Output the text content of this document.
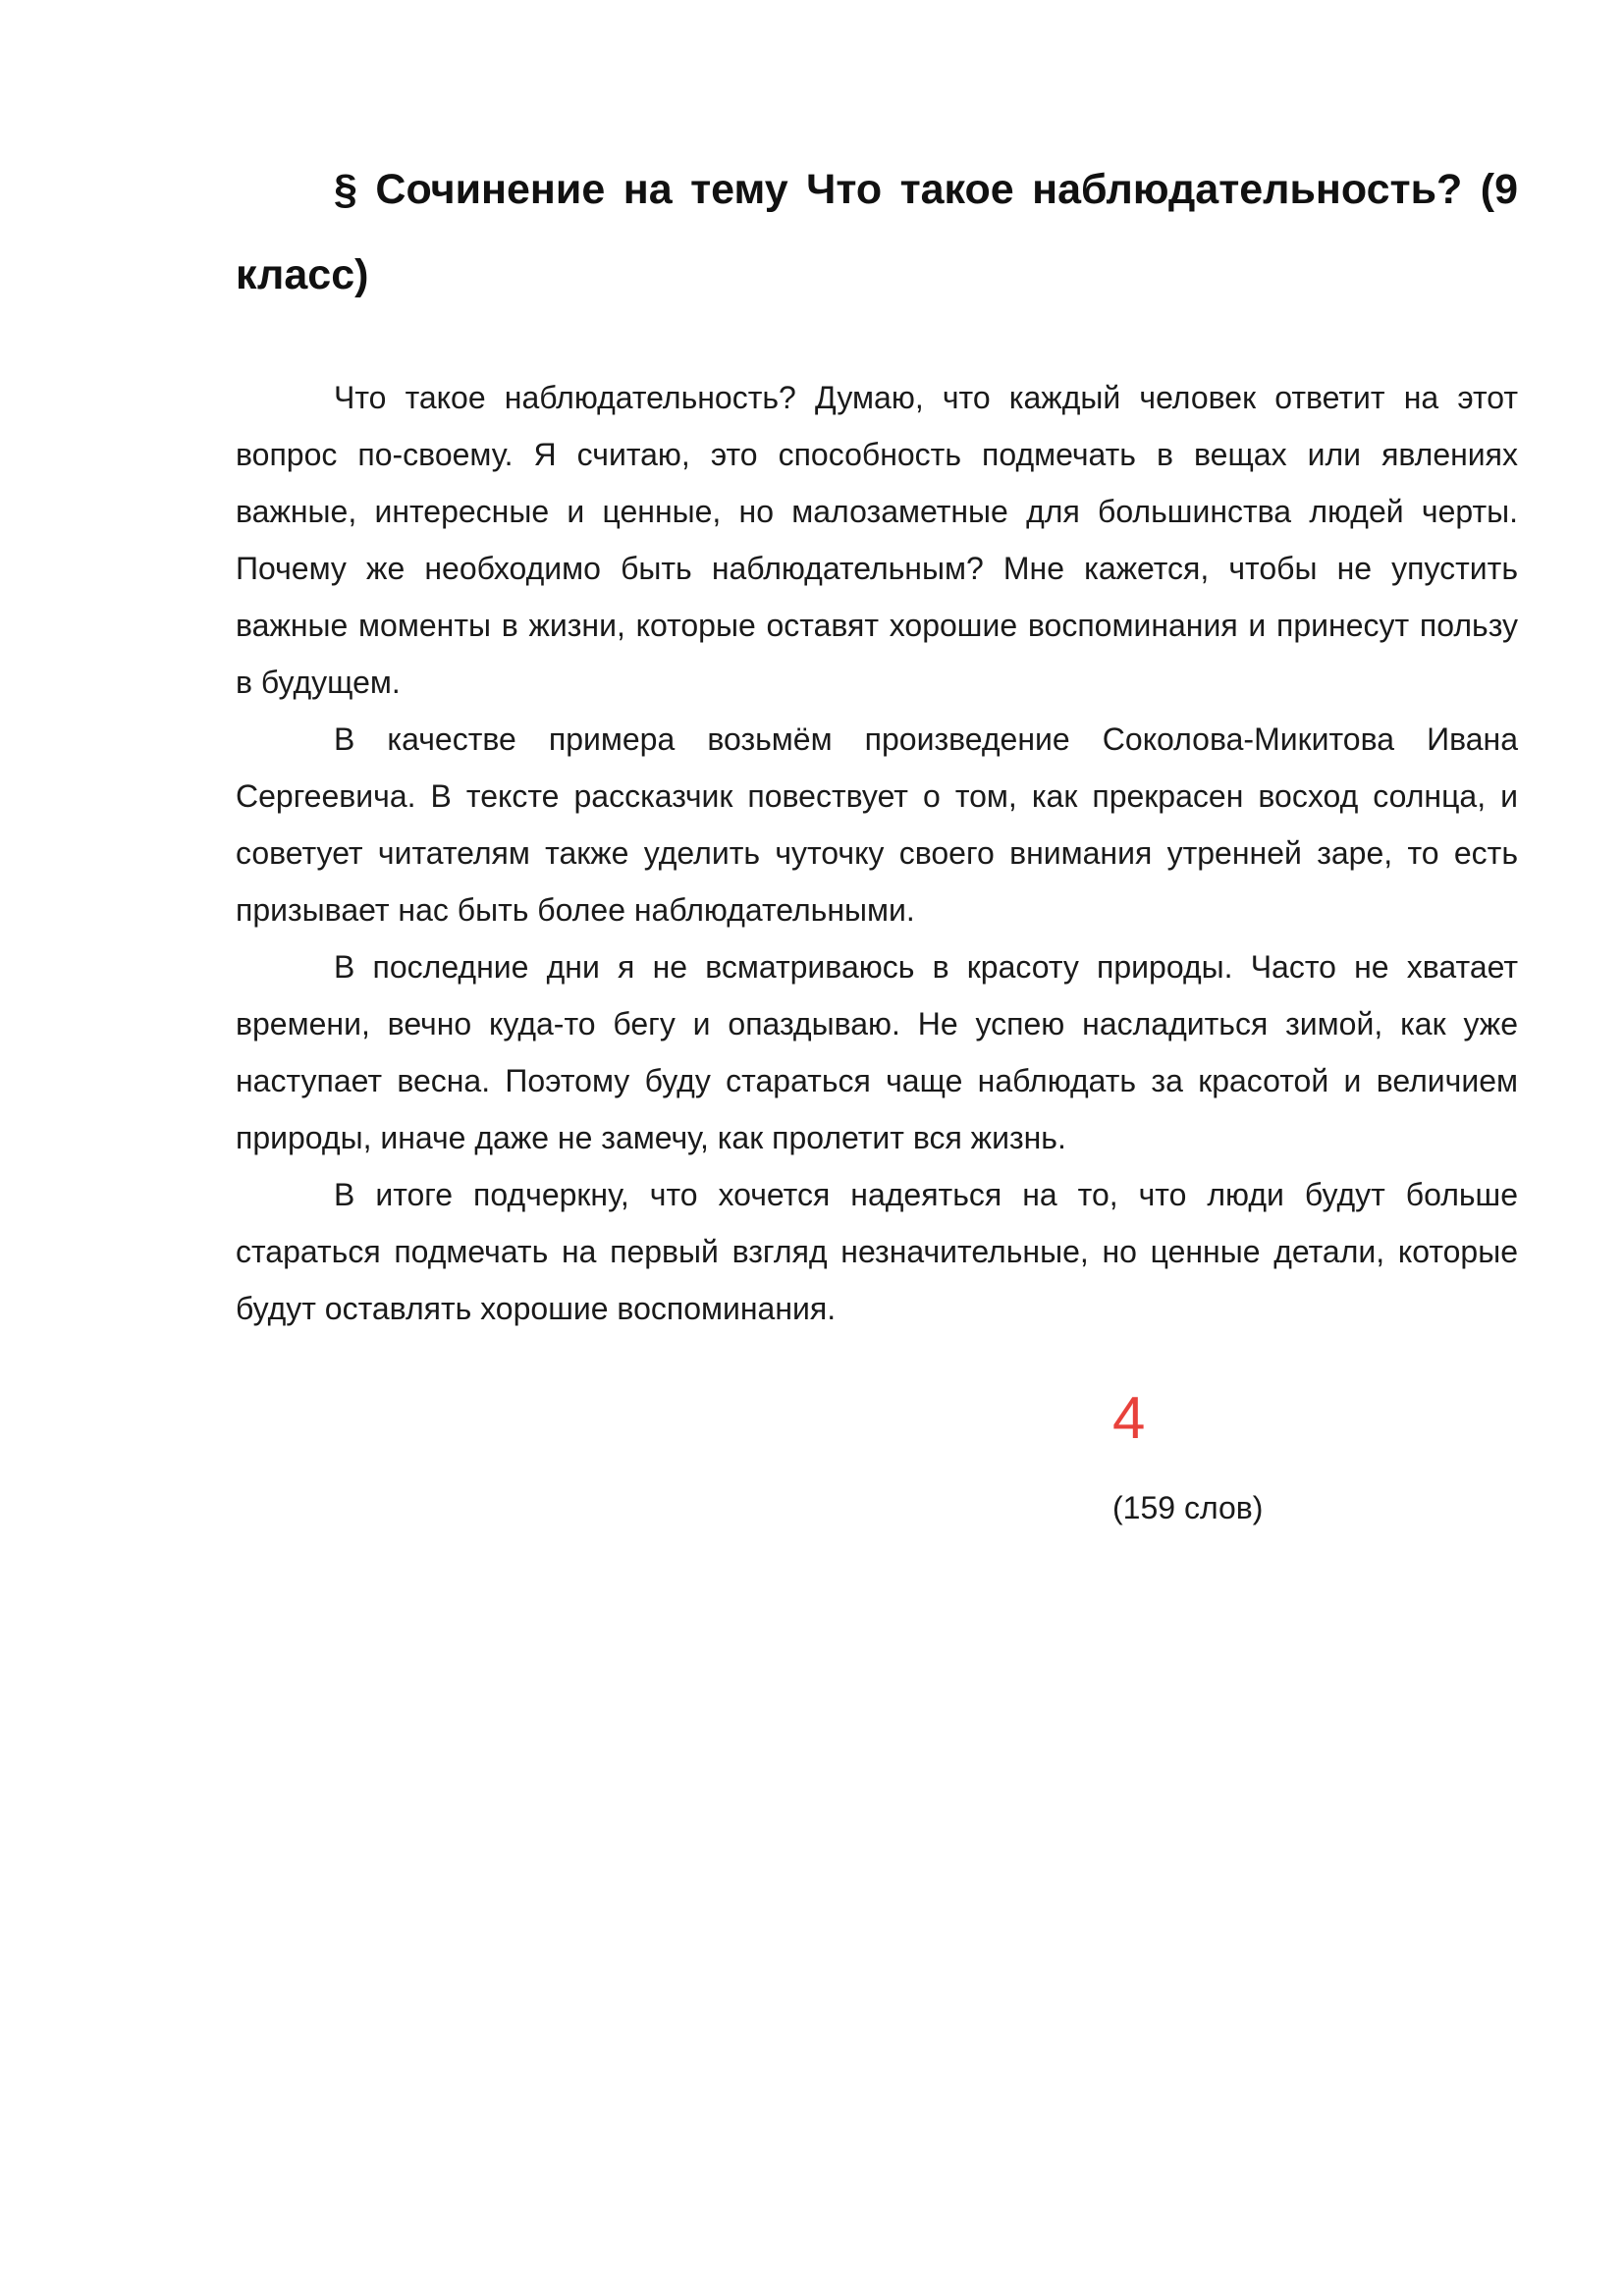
§ Сочинение на тему Что такое наблюдательность? (9 класс)

Что такое наблюдательность? Думаю, что каждый человек ответит на этот вопрос по-своему. Я считаю, это способность подмечать в вещах или явлениях важные, интересные и ценные, но малозаметные для большинства людей черты. Почему же необходимо быть наблюдательным? Мне кажется, чтобы не упустить важные моменты в жизни, которые оставят хорошие воспоминания и принесут пользу в будущем.

В качестве примера возьмём произведение Соколова-Микитова Ивана Сергеевича. В тексте рассказчик повествует о том, как прекрасен восход солнца, и советует читателям также уделить чуточку своего внимания утренней заре, то есть призывает нас быть более наблюдательными.

В последние дни я не всматриваюсь в красоту природы. Часто не хватает времени, вечно куда-то бегу и опаздываю. Не успею насладиться зимой, как уже наступает весна. Поэтому буду стараться чаще наблюдать за красотой и величием природы, иначе даже не замечу, как пролетит вся жизнь.

В итоге подчеркну, что хочется надеяться на то, что люди будут больше стараться подмечать на первый взгляд незначительные, но ценные детали, которые будут оставлять хорошие воспоминания.

4
(159 слов)
